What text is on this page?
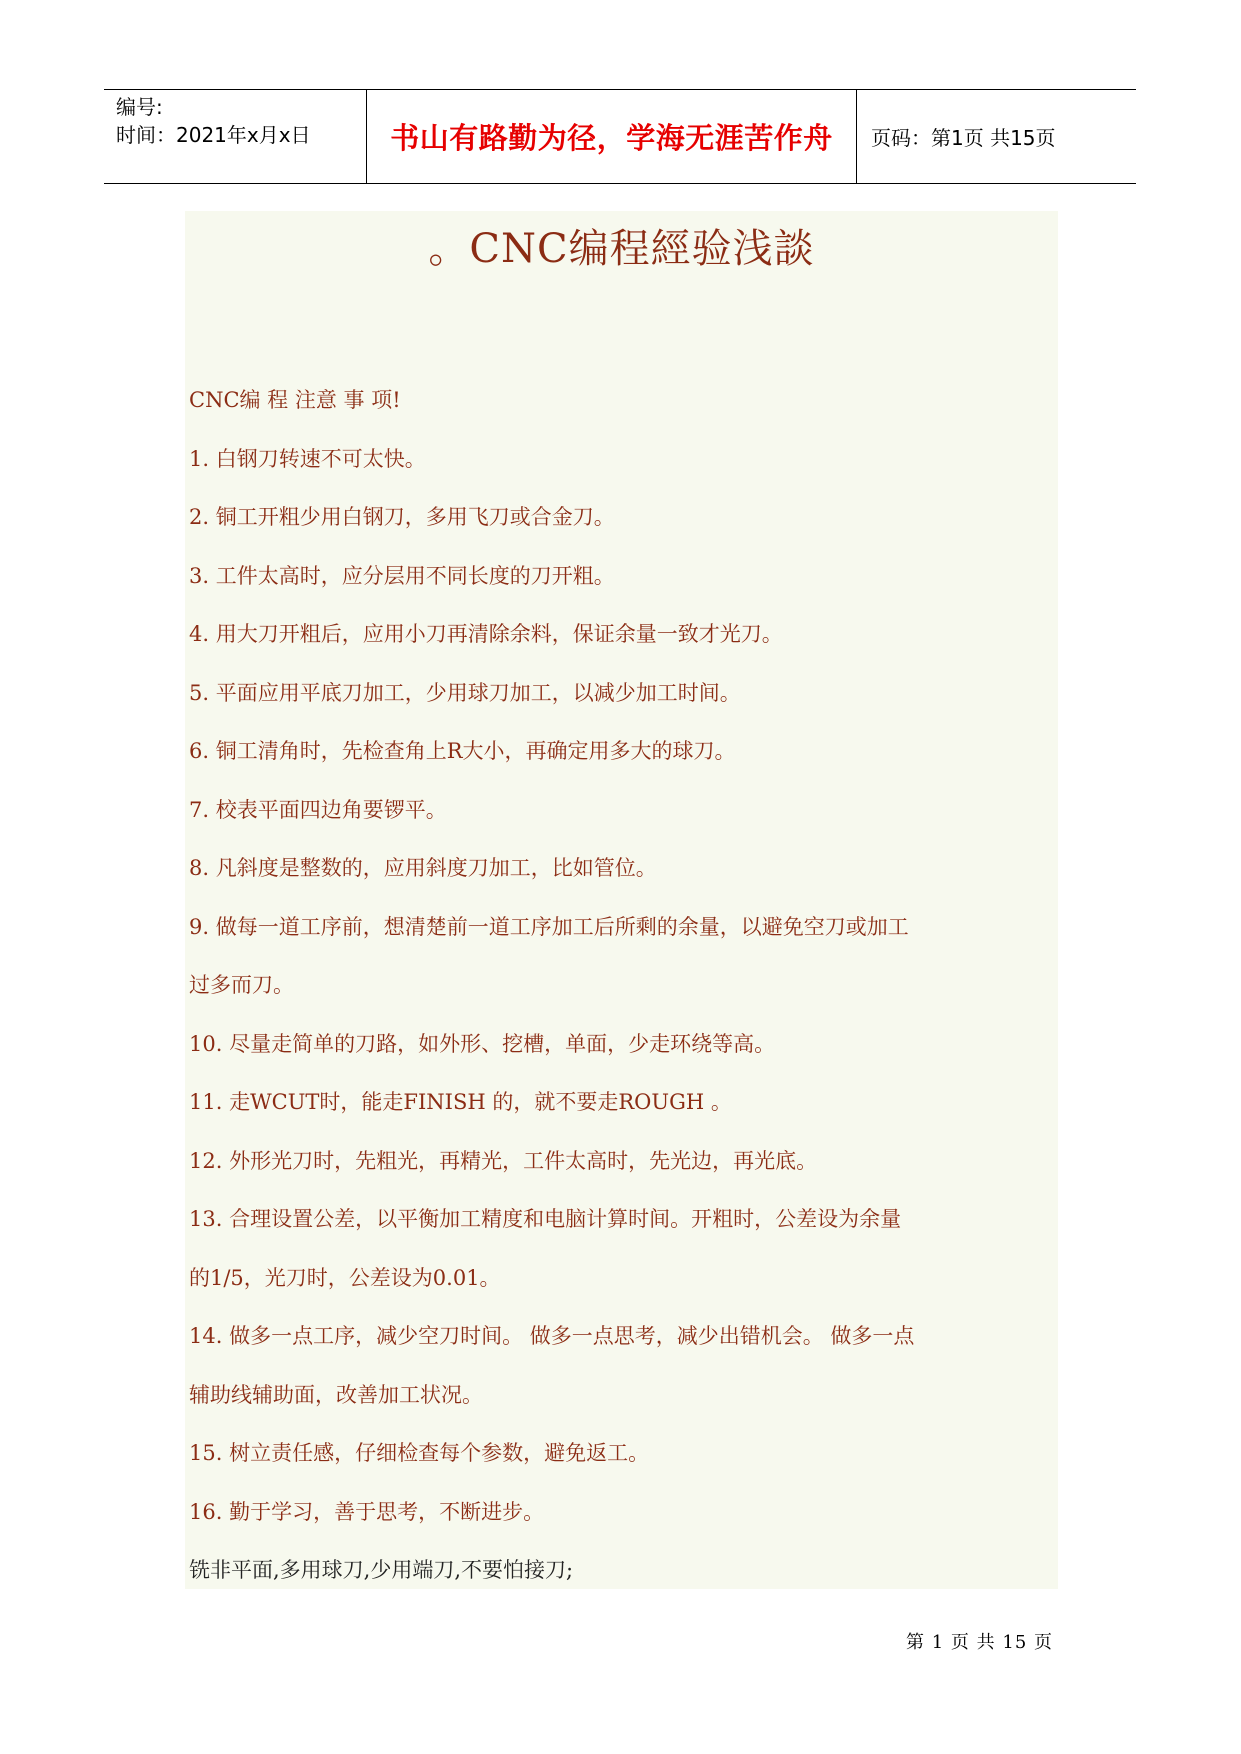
编号:
时间：2021年x月x日	书山有路勤为径，学海无涯苦作舟	页码：第1页 共15页
。CNC编程經验浅談
CNC编 程 注意 事 项!
1. 白钢刀转速不可太快。
2. 铜工开粗少用白钢刀，多用飞刀或合金刀。
3. 工件太高时，应分层用不同长度的刀开粗。
4. 用大刀开粗后，应用小刀再清除余料，保证余量一致才光刀。
5. 平面应用平底刀加工，少用球刀加工，以减少加工时间。
6. 铜工清角时，先检查角上R大小，再确定用多大的球刀。
7. 校表平面四边角要锣平。
8. 凡斜度是整数的，应用斜度刀加工，比如管位。
9. 做每一道工序前，想清楚前一道工序加工后所剩的余量，以避免空刀或加工
过多而刀。
10. 尽量走简单的刀路，如外形、挖槽，单面，少走环绕等高。
11. 走WCUT时，能走FINISH 的，就不要走ROUGH 。
12. 外形光刀时，先粗光，再精光，工件太高时，先光边，再光底。
13. 合理设置公差，以平衡加工精度和电脑计算时间。开粗时，公差设为余量
的1/5，光刀时，公差设为0.01。
14. 做多一点工序，减少空刀时间。 做多一点思考，减少出错机会。 做多一点
辅助线辅助面，改善加工状况。
15. 树立责任感，仔细检查每个参数，避免返工。
16. 勤于学习，善于思考，不断进步。
铣非平面,多用球刀,少用端刀,不要怕接刀;
第 1 页 共 15 页
